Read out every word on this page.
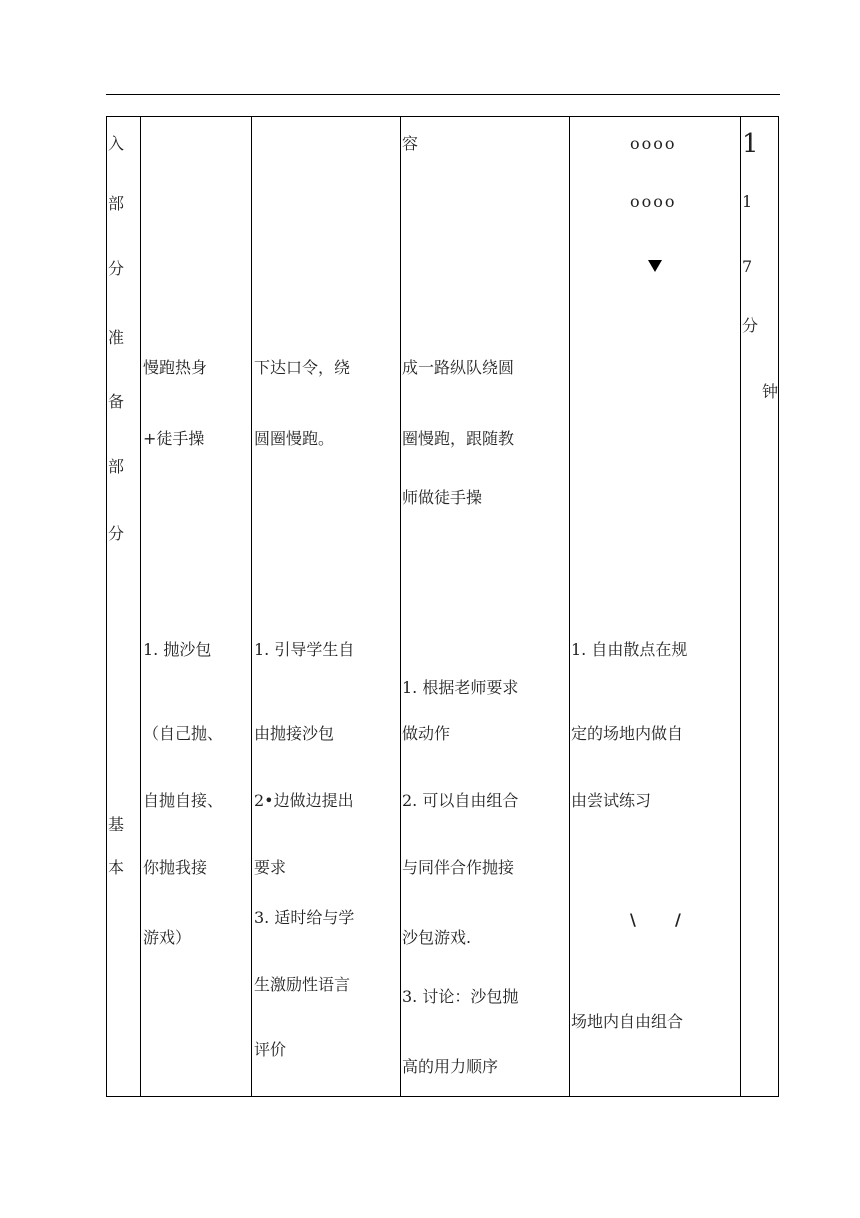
入
部
分
准
备
部
分
基
本
慢跑热身
+徒手操
1. 抛沙包
（自己抛、
自抛自接、
你抛我接
游戏）
下达口令，绕
圆圈慢跑。
1. 引导学生自
由抛接沙包
2•边做边提出
要求
3. 适时给与学
生激励性语言
评价
容
成一路纵队绕圆
圈慢跑，跟随教
师做徒手操
1. 根据老师要求
做动作
2. 可以自由组合
与同伴合作抛接
沙包游戏.
3. 讨论：沙包抛
高的用力顺序
oooo
oooo
1. 自由散点在规
定的场地内做自
由尝试练习
\ /
场地内自由组合
1
1
7
分
钟
